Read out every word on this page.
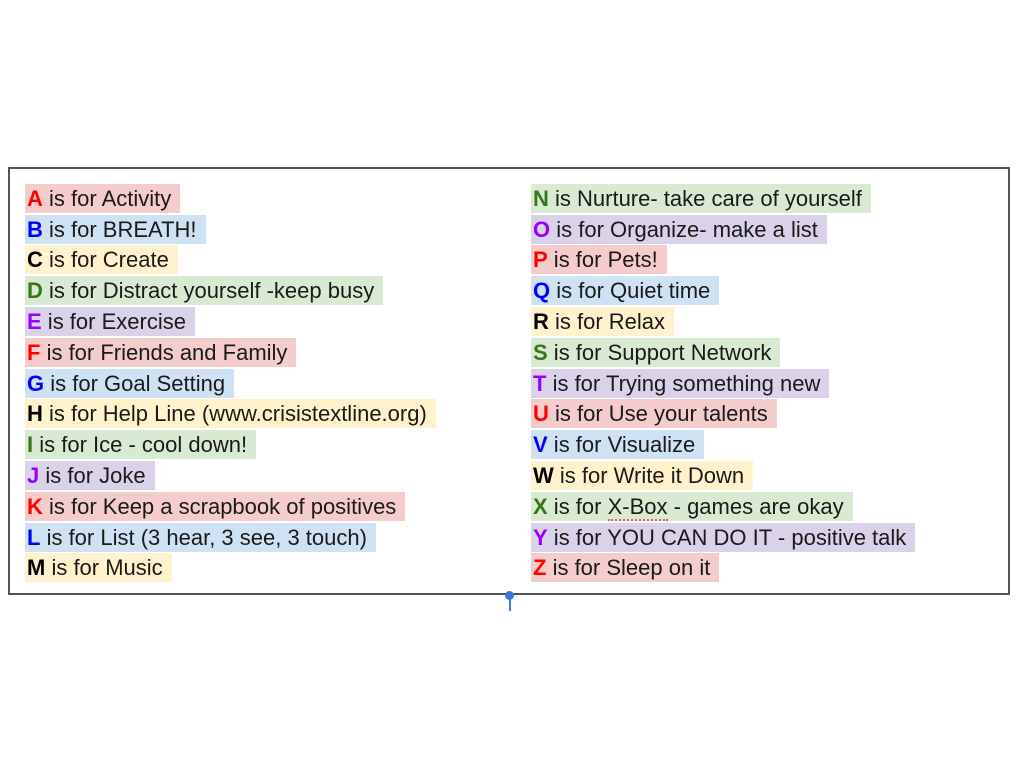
A is for Activity
B is for BREATH!
C is for Create
D is for Distract yourself -keep busy
E is for Exercise
F is for Friends and Family
G is for Goal Setting
H is for Help Line (www.crisistextline.org)
I is for Ice - cool down!
J is for Joke
K is for Keep a scrapbook of positives
L is for List (3 hear, 3 see, 3 touch)
M is for Music
N is Nurture- take care of yourself
O is for Organize- make a list
P is for Pets!
Q is for Quiet time
R is for Relax
S is for Support Network
T is for Trying something new
U is for Use your talents
V is for Visualize
W is for Write it Down
X is for X-Box - games are okay
Y is for YOU CAN DO IT - positive talk
Z is for Sleep on it
